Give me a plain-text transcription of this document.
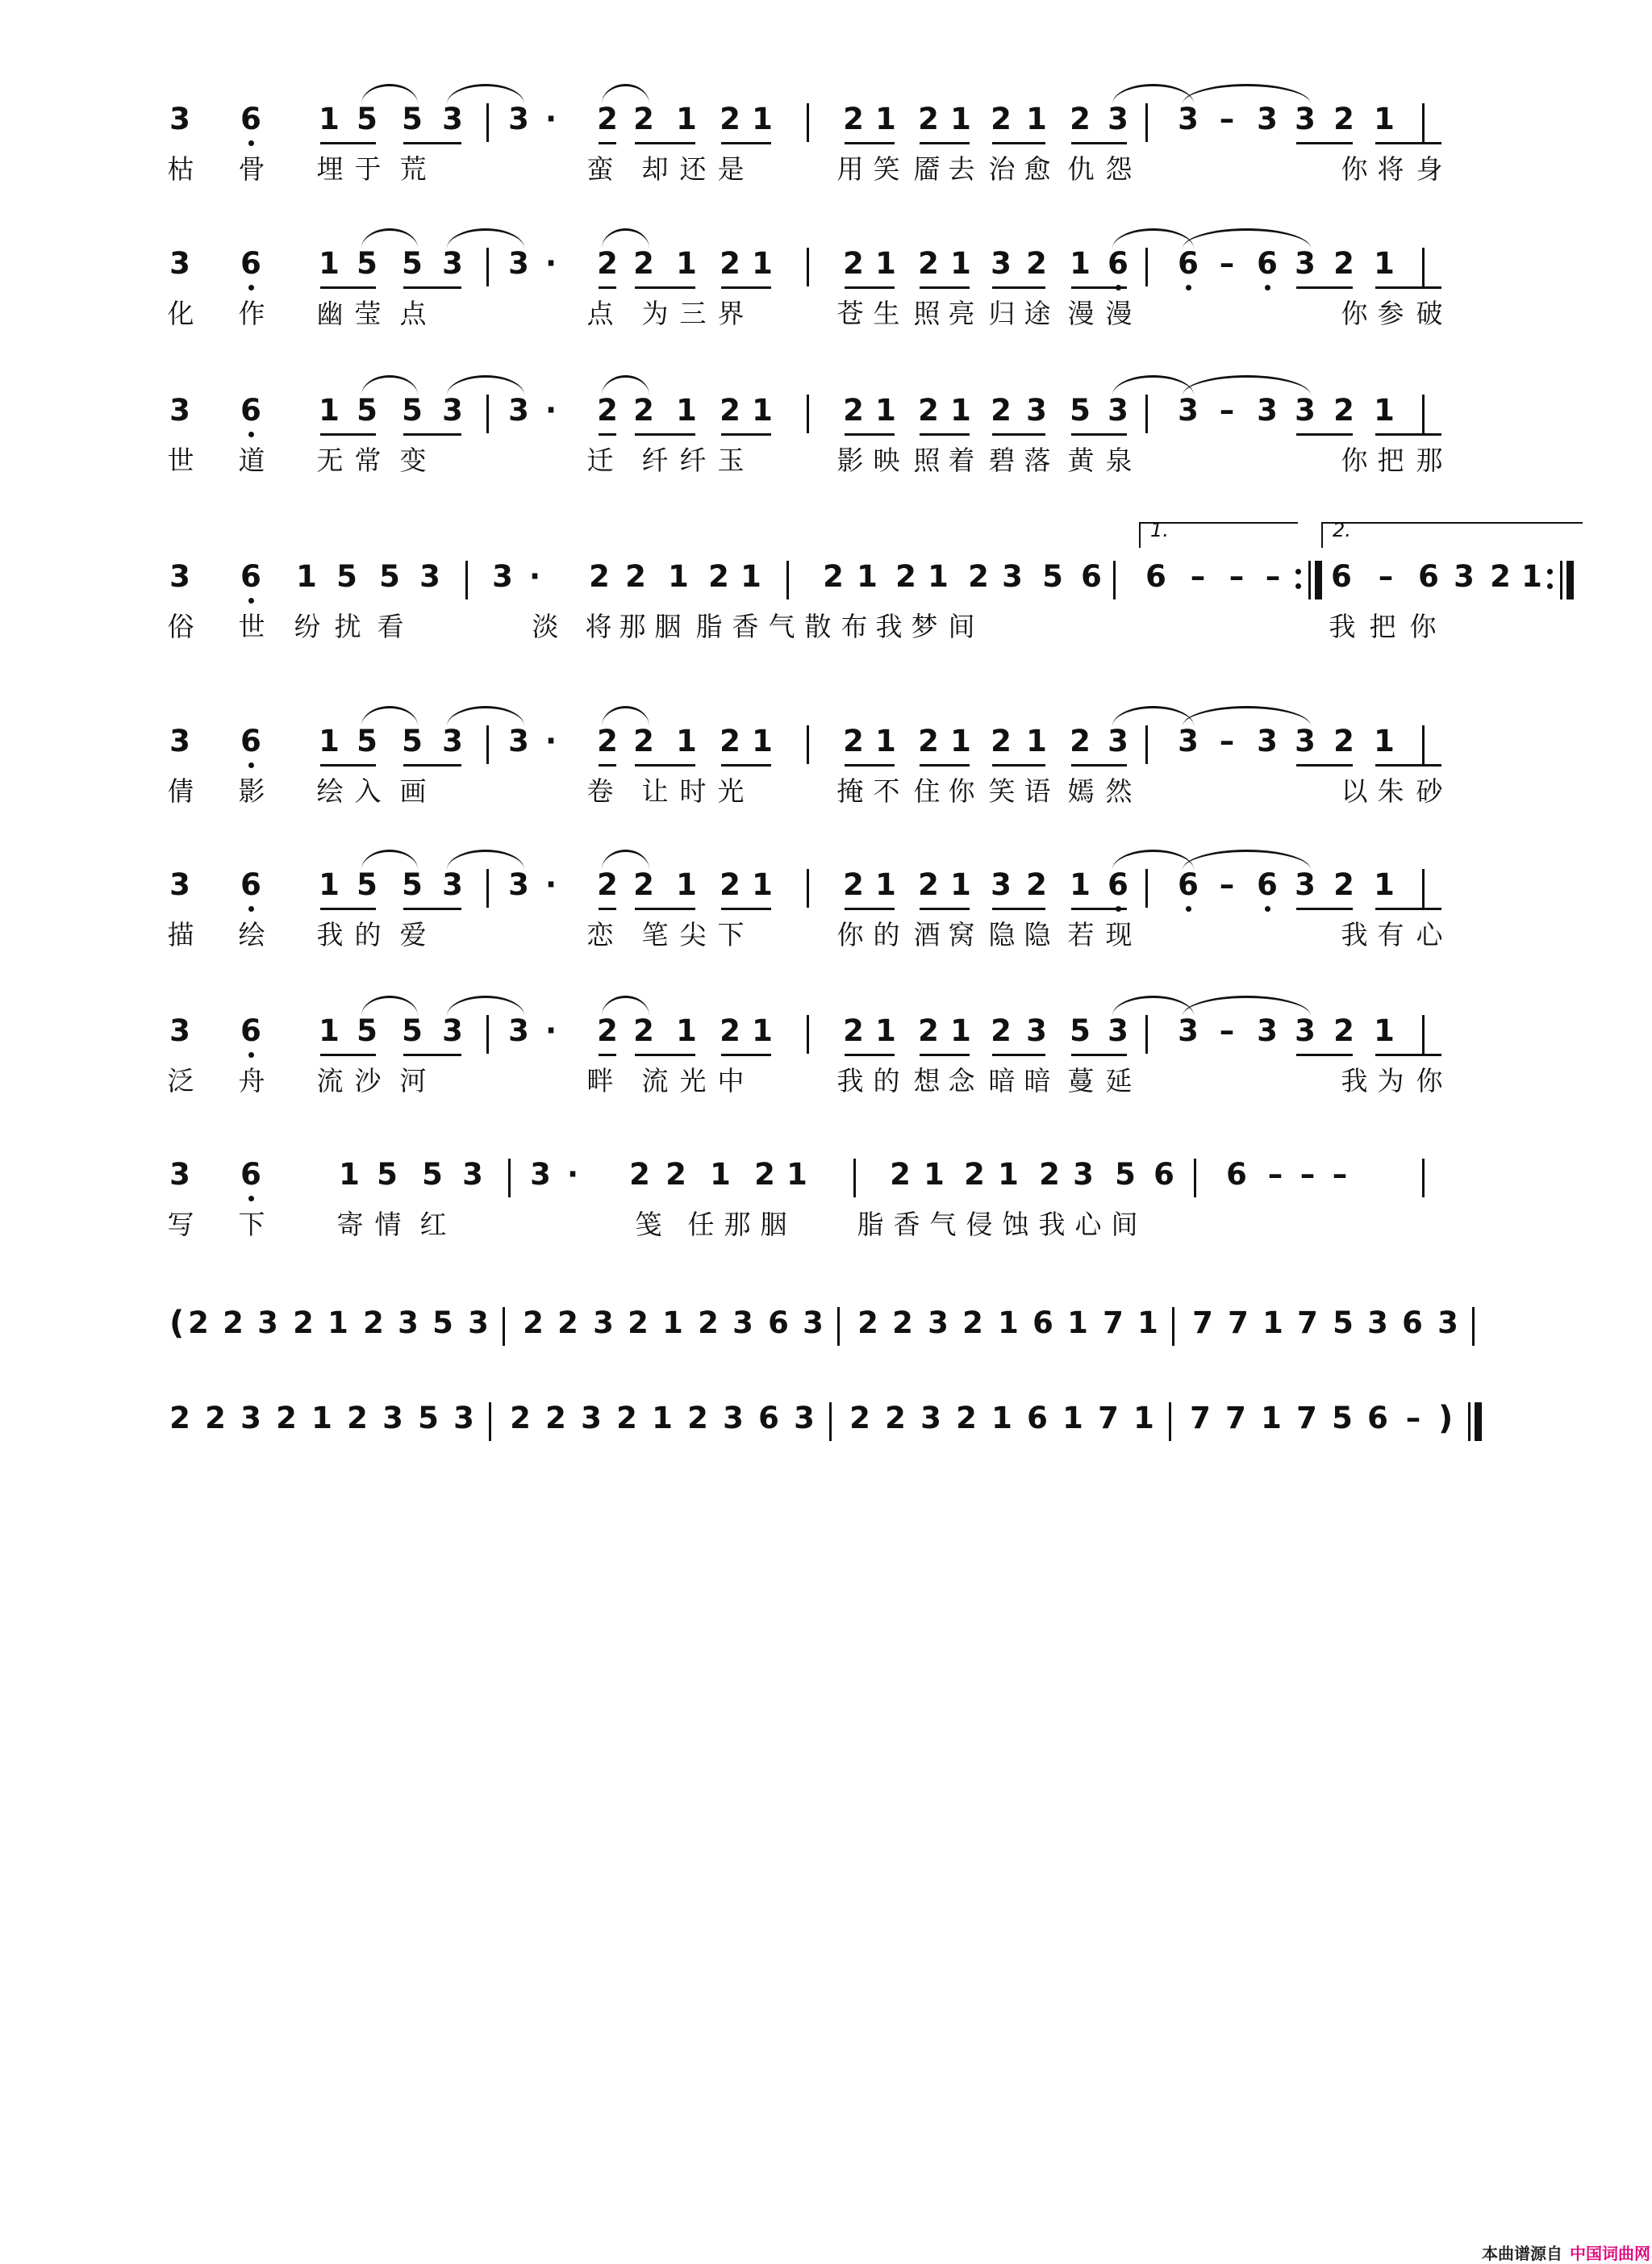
3 6 1 5 5 3 3 · 2 2 1 2 1 2 1 2 1 2 1 2 3 3 – 3 3 2 1
枯 骨 埋 于 荒	蛮 却 还 是	用 笑 靥 去 治 愈 仇 怨	你 将 身
3 6 1 5 5 3 3 · 2 2 1 2 1 2 1 2 1 3 2 1 6 6 – 6 3 2 1
化 作 幽 莹 点	点 为 三 界	苍 生 照 亮 归 途 漫 漫	你 参 破
3 6 1 5 5 3 3 · 2 2 1 2 1 2 1 2 1 2 3 5 3 3 – 3 3 2 1
世 道 无 常 变	迁 纤 纤 玉	影 映 照 着 碧 落 黄 泉	你 把 那
3 6 1 5 5 3 3 · 2 2 1 2 1 2 1 2 1 2 3 5 6 6 – – – 6 – 6 3 2 1
1.	2.
俗 世 纷 扰 看	淡 将 那 胭 脂 香 气 散 布 我 梦 间	我 把 你
3 6 1 5 5 3 3 · 2 2 1 2 1 2 1 2 1 2 1 2 3 3 – 3 3 2 1
倩 影 绘 入 画	卷 让 时 光	掩 不 住 你 笑 语 嫣 然	以 朱 砂
3 6 1 5 5 3 3 · 2 2 1 2 1 2 1 2 1 3 2 1 6 6 – 6 3 2 1
描 绘 我 的 爱	恋 笔 尖 下	你 的 酒 窝 隐 隐 若 现	我 有 心
3 6 1 5 5 3 3 · 2 2 1 2 1 2 1 2 1 2 3 5 3 3 – 3 3 2 1
泛 舟 流 沙 河	畔 流 光 中	我 的 想 念 暗 暗 蔓 延	我 为 你
3 6	1 5 5 3 3 · 2 2 1 2 1	2 1 2 1 2 3 5 6 6 – – –
写 下	寄 情 红	笺 任 那 胭	脂 香 气 侵 蚀 我 心 间
( 2 2 3 2 1 2 3 5 3 2 2 3 2 1 2 3 6 3 2 2 3 2 1 6 1 7 1 7 7 1 7 5 3 6 3
2 2 3 2 1 2 3 5 3 2 2 3 2 1 2 3 6 3 2 2 3 2 1 6 1 7 1 7 7 1 7 5 6 – )
本曲谱源自 中国词曲网
